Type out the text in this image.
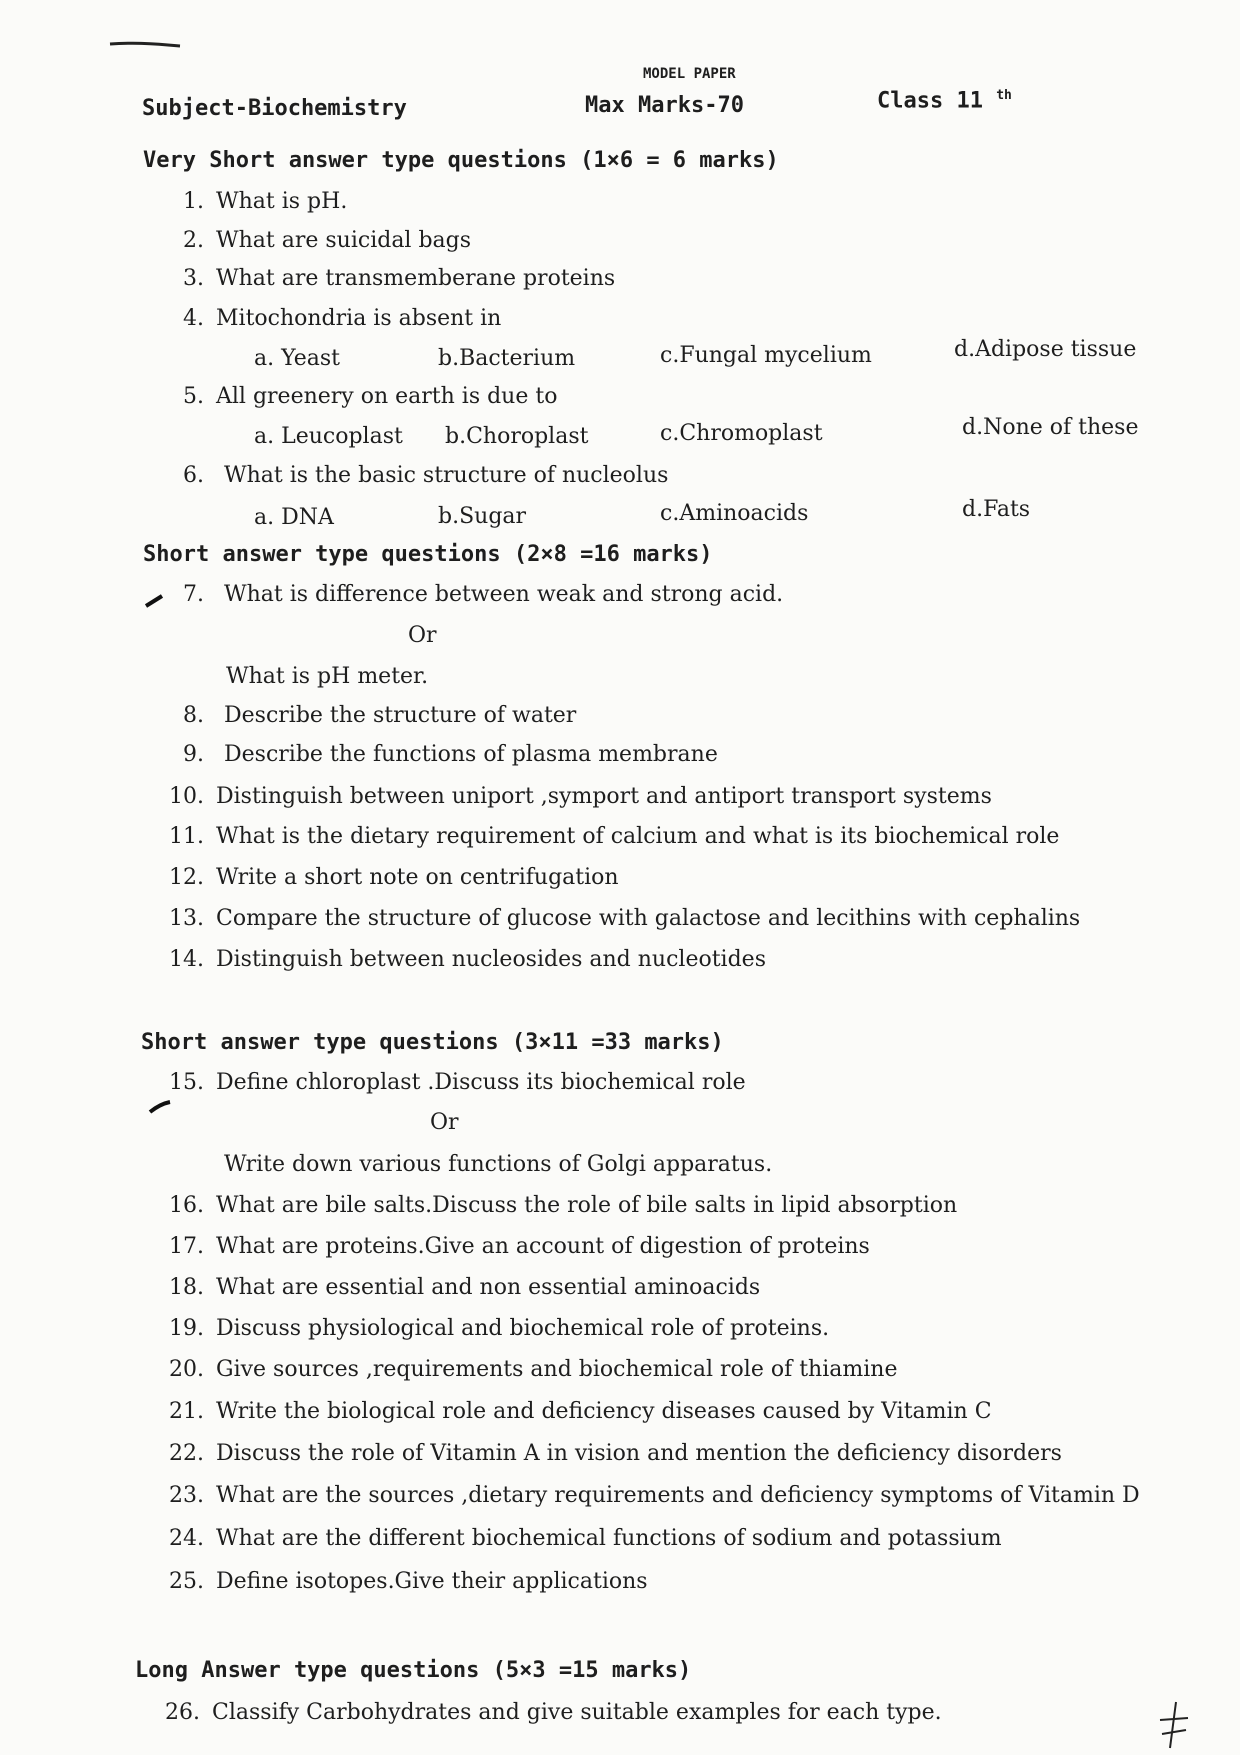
MODEL PAPER
Subject-Biochemistry	Max Marks-70	Class 11 $^{th}$
Very Short answer type questions (1×6 = 6 marks)
1. What is pH.
2. What are suicidal bags
3. What are transmemberane proteins
4. Mitochondria is absent in
a. Yeast	b.Bacterium	c.Fungal mycelium	d.Adipose tissue
5. All greenery on earth is due to
a. Leucoplast b.Choroplast	c.Chromoplast	d.None of these
6. What is the basic structure of nucleolus
a. DNA	b.Sugar	c.Aminoacids	d.Fats
Short answer type questions (2×8 =16 marks)
7. What is difference between weak and strong acid.
Or
What is pH meter.
8. Describe the structure of water
9. Describe the functions of plasma membrane
10. Distinguish between uniport ,symport and antiport transport systems
11. What is the dietary requirement of calcium and what is its biochemical role
12. Write a short note on centrifugation
13. Compare the structure of glucose with galactose and lecithins with cephalins
14. Distinguish between nucleosides and nucleotides
Short answer type questions (3×11 =33 marks)
15. Define chloroplast .Discuss its biochemical role
Or
Write down various functions of Golgi apparatus.
16. What are bile salts.Discuss the role of bile salts in lipid absorption
17. What are proteins.Give an account of digestion of proteins
18. What are essential and non essential aminoacids
19. Discuss physiological and biochemical role of proteins.
20. Give sources ,requirements and biochemical role of thiamine
21. Write the biological role and deficiency diseases caused by Vitamin C
22. Discuss the role of Vitamin A in vision and mention the deficiency disorders
23. What are the sources ,dietary requirements and deficiency symptoms of Vitamin D
24. What are the different biochemical functions of sodium and potassium
25. Define isotopes.Give their applications
Long Answer type questions (5×3 =15 marks)
26. Classify Carbohydrates and give suitable examples for each type.
